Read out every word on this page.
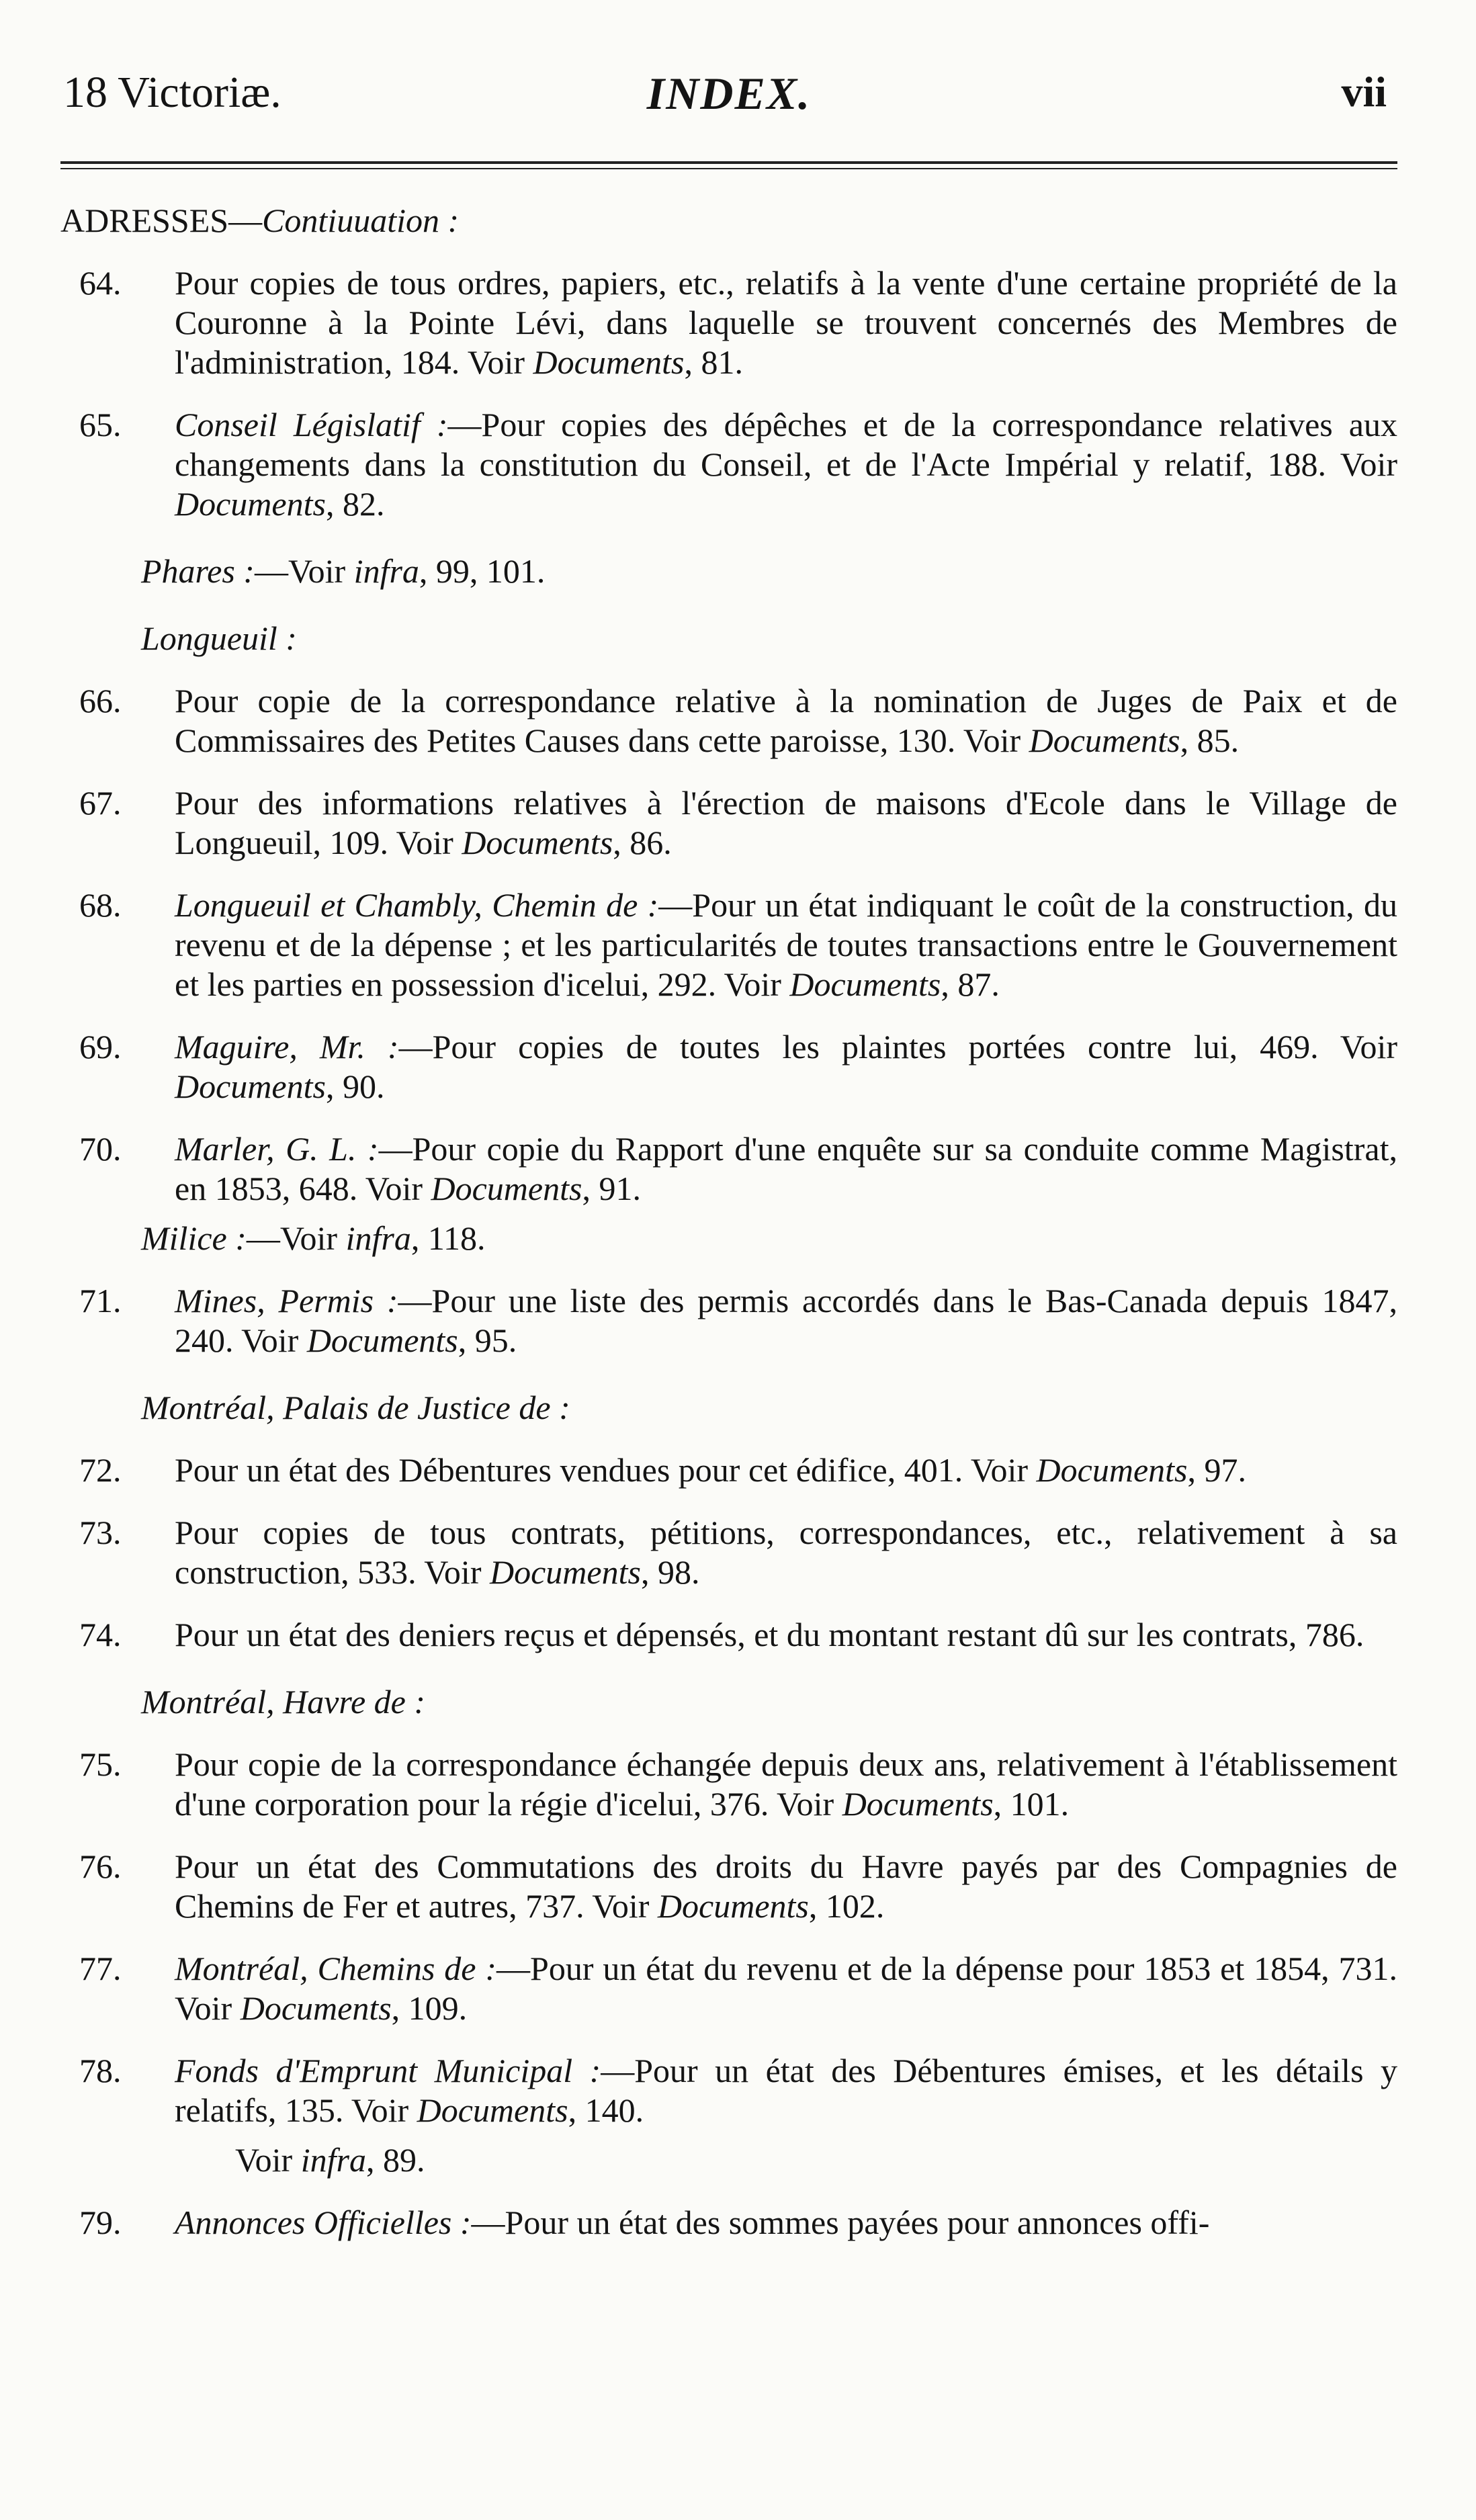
18 Victoriæ.	INDEX.	vii
ADRESSES—Contiuuation :
64. Pour copies de tous ordres, papiers, etc., relatifs à la vente d'une certaine propriété de la Couronne à la Pointe Lévi, dans laquelle se trouvent concernés des Membres de l'administration, 184. Voir Documents, 81.
65. Conseil Législatif :—Pour copies des dépêches et de la correspondance relatives aux changements dans la constitution du Conseil, et de l'Acte Impérial y relatif, 188. Voir Documents, 82.
Phares :—Voir infra, 99, 101.
Longueuil :
66. Pour copie de la correspondance relative à la nomination de Juges de Paix et de Commissaires des Petites Causes dans cette paroisse, 130. Voir Documents, 85.
67. Pour des informations relatives à l'érection de maisons d'Ecole dans le Village de Longueuil, 109. Voir Documents, 86.
68. Longueuil et Chambly, Chemin de :—Pour un état indiquant le coût de la construction, du revenu et de la dépense ; et les particularités de toutes transactions entre le Gouvernement et les parties en possession d'icelui, 292. Voir Documents, 87.
69. Maguire, Mr. :—Pour copies de toutes les plaintes portées contre lui, 469. Voir Documents, 90.
70. Marler, G. L. :—Pour copie du Rapport d'une enquête sur sa conduite comme Magistrat, en 1853, 648. Voir Documents, 91.
Milice :—Voir infra, 118.
71. Mines, Permis :—Pour une liste des permis accordés dans le Bas-Canada depuis 1847, 240. Voir Documents, 95.
Montréal, Palais de Justice de :
72. Pour un état des Débentures vendues pour cet édifice, 401. Voir Documents, 97.
73. Pour copies de tous contrats, pétitions, correspondances, etc., relativement à sa construction, 533. Voir Documents, 98.
74. Pour un état des deniers reçus et dépensés, et du montant restant dû sur les contrats, 786.
Montréal, Havre de :
75. Pour copie de la correspondance échangée depuis deux ans, relativement à l'établissement d'une corporation pour la régie d'icelui, 376. Voir Documents, 101.
76. Pour un état des Commutations des droits du Havre payés par des Compagnies de Chemins de Fer et autres, 737. Voir Documents, 102.
77. Montréal, Chemins de :—Pour un état du revenu et de la dépense pour 1853 et 1854, 731. Voir Documents, 109.
78. Fonds d'Emprunt Municipal :—Pour un état des Débentures émises, et les détails y relatifs, 135. Voir Documents, 140.
Voir infra, 89.
79. Annonces Officielles :—Pour un état des sommes payées pour annonces offi-
